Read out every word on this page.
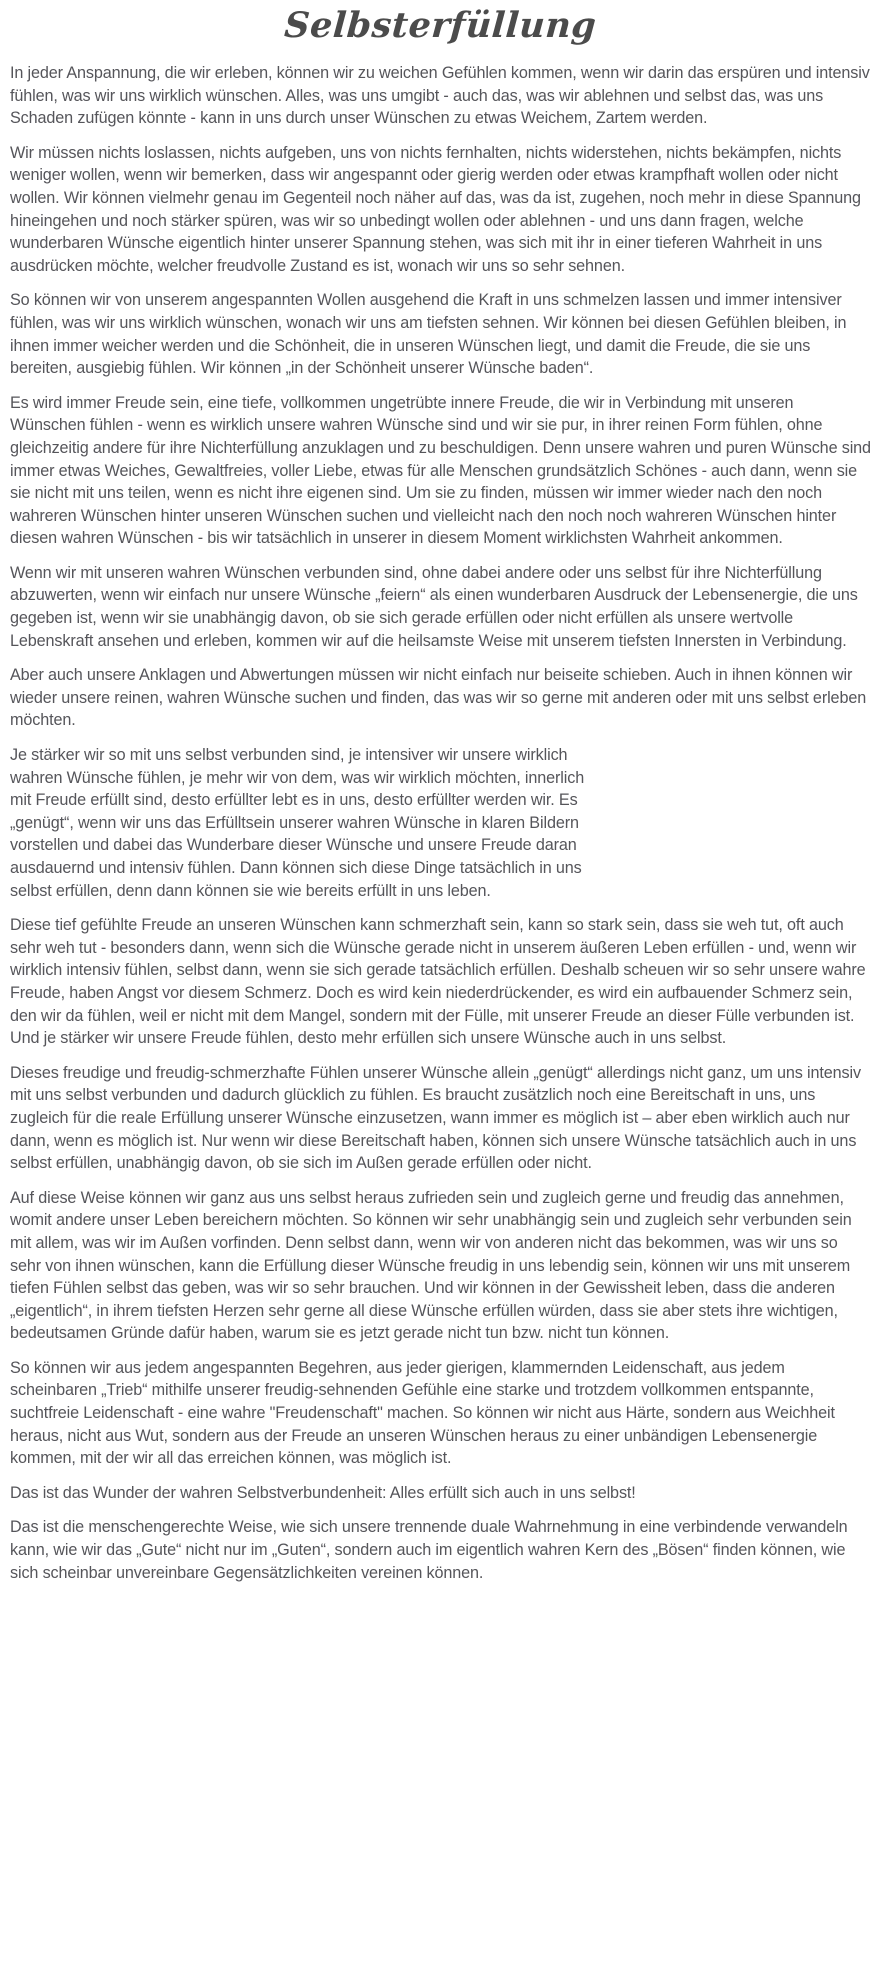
Selbsterfüllung

In jeder Anspannung, die wir erleben, können wir zu weichen Gefühlen kommen, wenn wir darin das erspüren und intensiv fühlen, was wir uns wirklich wünschen. Alles, was uns umgibt - auch das, was wir ablehnen und selbst das, was uns Schaden zufügen könnte - kann in uns durch unser Wünschen zu etwas Weichem, Zartem werden.

Wir müssen nichts loslassen, nichts aufgeben, uns von nichts fernhalten, nichts widerstehen, nichts bekämpfen, nichts weniger wollen, wenn wir bemerken, dass wir angespannt oder gierig werden oder etwas krampfhaft wollen oder nicht wollen. Wir können vielmehr genau im Gegenteil noch näher auf das, was da ist, zugehen, noch mehr in diese Spannung hineingehen und noch stärker spüren, was wir so unbedingt wollen oder ablehnen - und uns dann fragen, welche wunderbaren Wünsche eigentlich hinter unserer Spannung stehen, was sich mit ihr in einer tieferen Wahrheit in uns ausdrücken möchte, welcher freudvolle Zustand es ist, wonach wir uns so sehr sehnen.

So können wir von unserem angespannten Wollen ausgehend die Kraft in uns schmelzen lassen und immer intensiver fühlen, was wir uns wirklich wünschen, wonach wir uns am tiefsten sehnen. Wir können bei diesen Gefühlen bleiben, in ihnen immer weicher werden und die Schönheit, die in unseren Wünschen liegt, und damit die Freude, die sie uns bereiten, ausgiebig fühlen. Wir können „in der Schönheit unserer Wünsche baden“.

Es wird immer Freude sein, eine tiefe, vollkommen ungetrübte innere Freude, die wir in Verbindung mit unseren Wünschen fühlen - wenn es wirklich unsere wahren Wünsche sind und wir sie pur, in ihrer reinen Form fühlen, ohne gleichzeitig andere für ihre Nichterfüllung anzuklagen und zu beschuldigen. Denn unsere wahren und puren Wünsche sind immer etwas Weiches, Gewaltfreies, voller Liebe, etwas für alle Menschen grundsätzlich Schönes - auch dann, wenn sie sie nicht mit uns teilen, wenn es nicht ihre eigenen sind. Um sie zu finden, müssen wir immer wieder nach den noch wahreren Wünschen hinter unseren Wünschen suchen und vielleicht nach den noch noch wahreren Wünschen hinter diesen wahren Wünschen - bis wir tatsächlich in unserer in diesem Moment wirklichsten Wahrheit ankommen.

Wenn wir mit unseren wahren Wünschen verbunden sind, ohne dabei andere oder uns selbst für ihre Nichterfüllung abzuwerten, wenn wir einfach nur unsere Wünsche „feiern“ als einen wunderbaren Ausdruck der Lebensenergie, die uns gegeben ist, wenn wir sie unabhängig davon, ob sie sich gerade erfüllen oder nicht erfüllen als unsere wertvolle Lebenskraft ansehen und erleben, kommen wir auf die heilsamste Weise mit unserem tiefsten Innersten in Verbindung.

Aber auch unsere Anklagen und Abwertungen müssen wir nicht einfach nur beiseite schieben. Auch in ihnen können wir wieder unsere reinen, wahren Wünsche suchen und finden, das was wir so gerne mit anderen oder mit uns selbst erleben möchten.

Je stärker wir so mit uns selbst verbunden sind, je intensiver wir unsere wirklich wahren Wünsche fühlen, je mehr wir von dem, was wir wirklich möchten, innerlich mit Freude erfüllt sind, desto erfüllter lebt es in uns, desto erfüllter werden wir. Es „genügt“, wenn wir uns das Erfülltsein unserer wahren Wünsche in klaren Bildern vorstellen und dabei das Wunderbare dieser Wünsche und unsere Freude daran ausdauernd und intensiv fühlen. Dann können sich diese Dinge tatsächlich in uns selbst erfüllen, denn dann können sie wie bereits erfüllt in uns leben.

Diese tief gefühlte Freude an unseren Wünschen kann schmerzhaft sein, kann so stark sein, dass sie weh tut, oft auch sehr weh tut - besonders dann, wenn sich die Wünsche gerade nicht in unserem äußeren Leben erfüllen - und, wenn wir wirklich intensiv fühlen, selbst dann, wenn sie sich gerade tatsächlich erfüllen. Deshalb scheuen wir so sehr unsere wahre Freude, haben Angst vor diesem Schmerz. Doch es wird kein niederdrückender, es wird ein aufbauender Schmerz sein, den wir da fühlen, weil er nicht mit dem Mangel, sondern mit der Fülle, mit unserer Freude an dieser Fülle verbunden ist. Und je stärker wir unsere Freude fühlen, desto mehr erfüllen sich unsere Wünsche auch in uns selbst.

Dieses freudige und freudig-schmerzhafte Fühlen unserer Wünsche allein „genügt“ allerdings nicht ganz, um uns intensiv mit uns selbst verbunden und dadurch glücklich zu fühlen. Es braucht zusätzlich noch eine Bereitschaft in uns, uns zugleich für die reale Erfüllung unserer Wünsche einzusetzen, wann immer es möglich ist – aber eben wirklich auch nur dann, wenn es möglich ist. Nur wenn wir diese Bereitschaft haben, können sich unsere Wünsche tatsächlich auch in uns selbst erfüllen, unabhängig davon, ob sie sich im Außen gerade erfüllen oder nicht.

Auf diese Weise können wir ganz aus uns selbst heraus zufrieden sein und zugleich gerne und freudig das annehmen, womit andere unser Leben bereichern möchten. So können wir sehr unabhängig sein und zugleich sehr verbunden sein mit allem, was wir im Außen vorfinden. Denn selbst dann, wenn wir von anderen nicht das bekommen, was wir uns so sehr von ihnen wünschen, kann die Erfüllung dieser Wünsche freudig in uns lebendig sein, können wir uns mit unserem tiefen Fühlen selbst das geben, was wir so sehr brauchen. Und wir können in der Gewissheit leben, dass die anderen „eigentlich“, in ihrem tiefsten Herzen sehr gerne all diese Wünsche erfüllen würden, dass sie aber stets ihre wichtigen, bedeutsamen Gründe dafür haben, warum sie es jetzt gerade nicht tun bzw. nicht tun können.

So können wir aus jedem angespannten Begehren, aus jeder gierigen, klammernden Leidenschaft, aus jedem scheinbaren „Trieb“ mithilfe unserer freudig-sehnenden Gefühle eine starke und trotzdem vollkommen entspannte, suchtfreie Leidenschaft - eine wahre "Freudenschaft" machen. So können wir nicht aus Härte, sondern aus Weichheit heraus, nicht aus Wut, sondern aus der Freude an unseren Wünschen heraus zu einer unbändigen Lebensenergie kommen, mit der wir all das erreichen können, was möglich ist.

Das ist das Wunder der wahren Selbstverbundenheit: Alles erfüllt sich auch in uns selbst!

Das ist die menschengerechte Weise, wie sich unsere trennende duale Wahrnehmung in eine verbindende verwandeln kann, wie wir das „Gute“ nicht nur im „Guten“, sondern auch im eigentlich wahren Kern des „Bösen“ finden können, wie sich scheinbar unvereinbare Gegensätzlichkeiten vereinen können.
